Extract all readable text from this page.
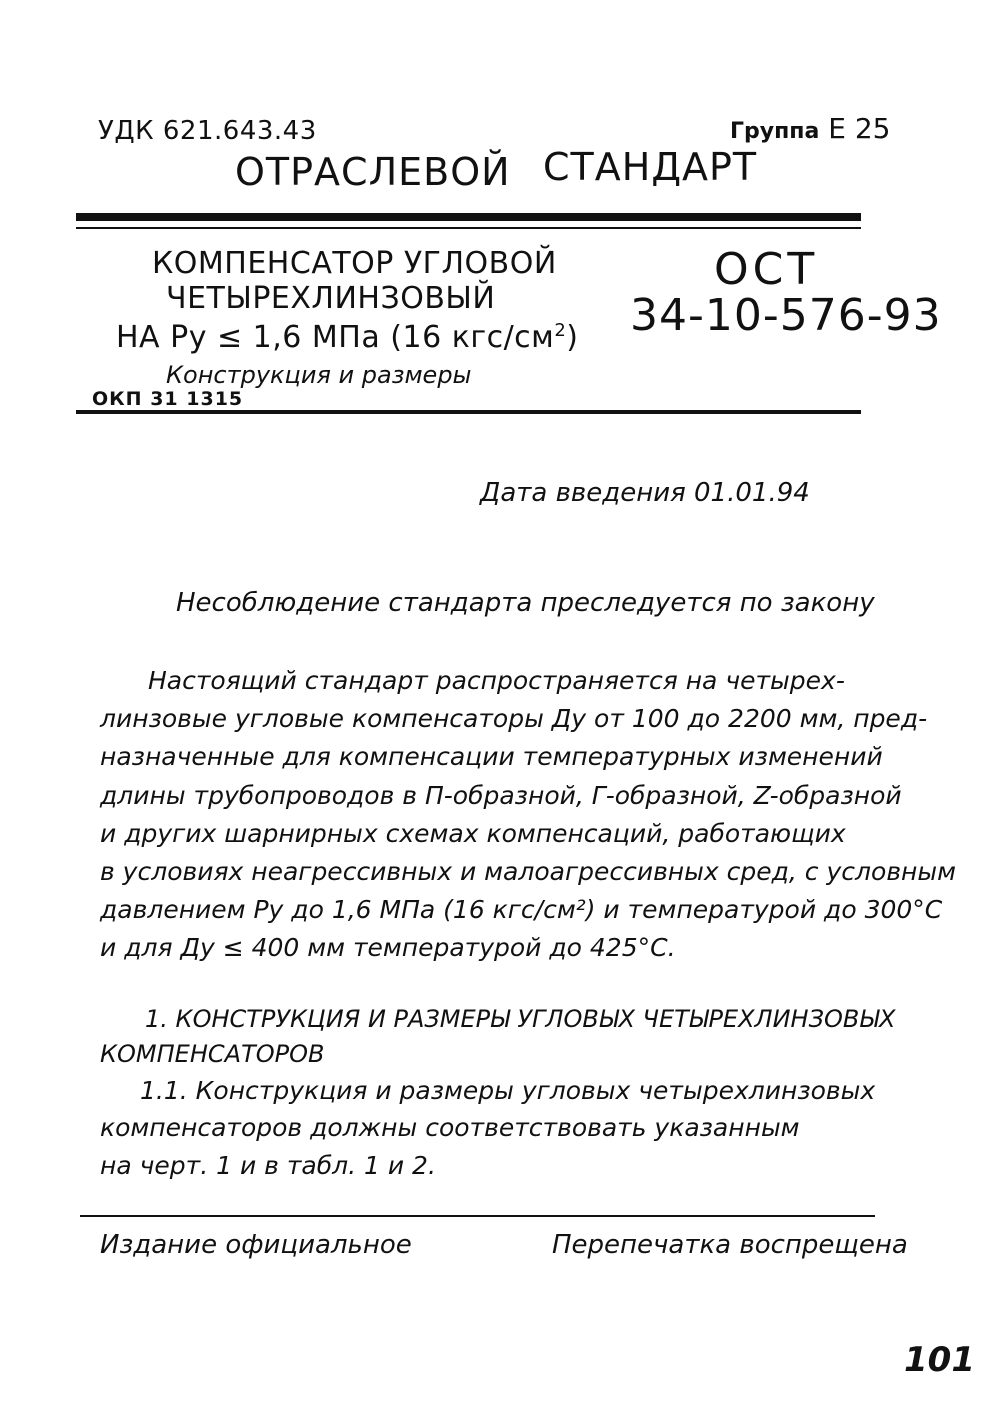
УДК 621.643.43	Группа Е 25
ОТРАСЛЕВОЙ СТАНДАРТ
КОМПЕНСАТОР УГЛОВОЙ
ЧЕТЫРЕХЛИНЗОВЫЙ
НА Ру ≤ 1,6 МПа (16 кгс/$см^2$)
Конструкция и размеры
ОКП 31 1315
ОСТ
34-10-576-93
Дата введения 01.01.94
Несоблюдение стандарта преследуется по закону
Настоящий стандарт распространяется на четырех-
линзовые угловые компенсаторы Ду от 100 до 2200 мм, пред-
назначенные для компенсации температурных изменений
длины трубопроводов в П-образной, Г-образной, Z-образной
и других шарнирных схемах компенсаций, работающих
в условиях неагрессивных и малоагрессивных сред, с условным
давлением Ру до 1,6 МПа (16 кгс/см²) и температурой до 300°С
и для Ду ≤ 400 мм температурой до 425°С.
1. КОНСТРУКЦИЯ И РАЗМЕРЫ УГЛОВЫХ ЧЕТЫРЕХЛИНЗОВЫХ
КОМПЕНСАТОРОВ
1.1. Конструкция и размеры угловых четырехлинзовых
компенсаторов должны соответствовать указанным
на черт. 1 и в табл. 1 и 2.
Издание официальное	Перепечатка воспрещена
101
